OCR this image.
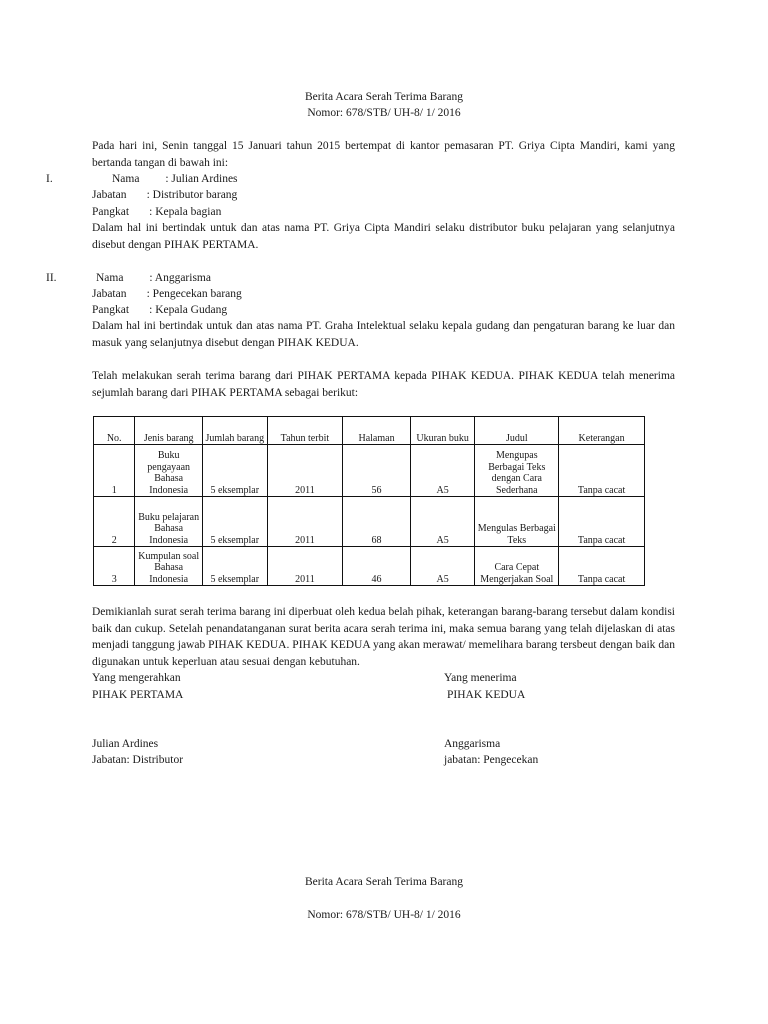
Berita Acara Serah Terima Barang
Nomor: 678/STB/ UH-8/ 1/ 2016
Pada hari ini, Senin tanggal 15 Januari tahun 2015 bertempat di kantor pemasaran PT. Griya Cipta Mandiri, kami yang bertanda tangan di bawah ini:
I.	Nama         : Julian Ardines
Jabatan       : Distributor barang
Pangkat       : Kepala bagian
Dalam hal ini bertindak untuk dan atas nama PT. Griya Cipta Mandiri selaku distributor buku pelajaran yang selanjutnya disebut dengan PIHAK PERTAMA.
II.	Nama         : Anggarisma
Jabatan       : Pengecekan barang
Pangkat       : Kepala Gudang
Dalam hal ini bertindak untuk dan atas nama PT. Graha Intelektual selaku kepala gudang dan pengaturan barang ke luar dan masuk yang selanjutnya disebut dengan PIHAK KEDUA.
Telah melakukan serah terima barang dari PIHAK PERTAMA kepada PIHAK KEDUA. PIHAK KEDUA telah menerima sejumlah barang dari PIHAK PERTAMA sebagai berikut:
No.	Jenis barang	Jumlah barang	Tahun terbit	Halaman	Ukuran buku	Judul	Keterangan
1	Buku pengayaan Bahasa Indonesia	5 eksemplar	2011	56	A5	Mengupas Berbagai Teks dengan Cara Sederhana	Tanpa cacat
2	Buku pelajaran Bahasa Indonesia	5 eksemplar	2011	68	A5	Mengulas Berbagai Teks	Tanpa cacat
3	Kumpulan soal Bahasa Indonesia	5 eksemplar	2011	46	A5	Cara Cepat Mengerjakan Soal	Tanpa cacat
Demikianlah surat serah terima barang ini diperbuat oleh kedua belah pihak, keterangan barang-barang tersebut dalam kondisi baik dan cukup. Setelah penandatanganan surat berita acara serah terima ini, maka semua barang yang telah dijelaskan di atas menjadi tanggung jawab PIHAK KEDUA. PIHAK KEDUA yang akan merawat/ memelihara barang tersbeut dengan baik dan digunakan untuk keperluan atau sesuai dengan kebutuhan.
Yang mengerahkan	Yang menerima
PIHAK PERTAMA	PIHAK KEDUA
Julian Ardines	Anggarisma
Jabatan: Distributor	jabatan: Pengecekan
Berita Acara Serah Terima Barang
Nomor: 678/STB/ UH-8/ 1/ 2016
